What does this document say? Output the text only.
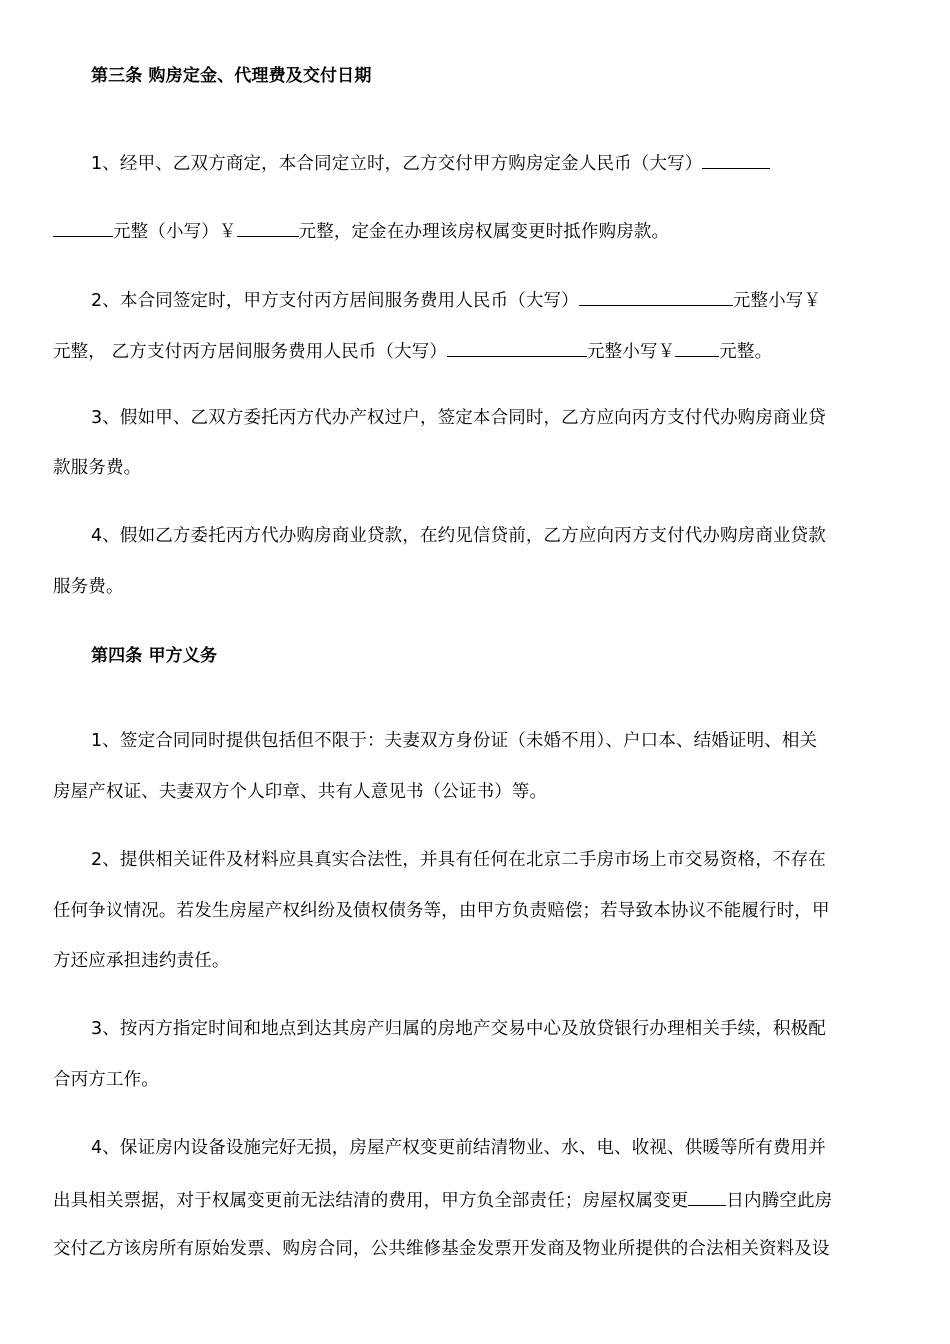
第三条 购房定金、代理费及交付日期
1、经甲、乙双方商定，本合同定立时，乙方交付甲方购房定金人民币（大写）
元整（小写）￥	元整，定金在办理该房权属变更时抵作购房款。
2、本合同签定时，甲方支付丙方居间服务费用人民币（大写）	元整小写￥
元整， 乙方支付丙方居间服务费用人民币（大写）	元整小写￥	元整。
3、假如甲、乙双方委托丙方代办产权过户，签定本合同时，乙方应向丙方支付代办购房商业贷
款服务费。
4、假如乙方委托丙方代办购房商业贷款，在约见信贷前，乙方应向丙方支付代办购房商业贷款
服务费。
第四条 甲方义务
1、签定合同同时提供包括但不限于：夫妻双方身份证（未婚不用）、户口本、结婚证明、相关
房屋产权证、夫妻双方个人印章、共有人意见书（公证书）等。
2、提供相关证件及材料应具真实合法性，并具有任何在北京二手房市场上市交易资格，不存在
任何争议情况。若发生房屋产权纠纷及债权债务等，由甲方负责赔偿；若导致本协议不能履行时，甲
方还应承担违约责任。
3、按丙方指定时间和地点到达其房产归属的房地产交易中心及放贷银行办理相关手续，积极配
合丙方工作。
4、保证房内设备设施完好无损，房屋产权变更前结清物业、水、电、收视、供暖等所有费用并
出具相关票据，对于权属变更前无法结清的费用，甲方负全部责任；房屋权属变更 日内腾空此房
交付乙方该房所有原始发票、购房合同，公共维修基金发票开发商及物业所提供的合法相关资料及设
